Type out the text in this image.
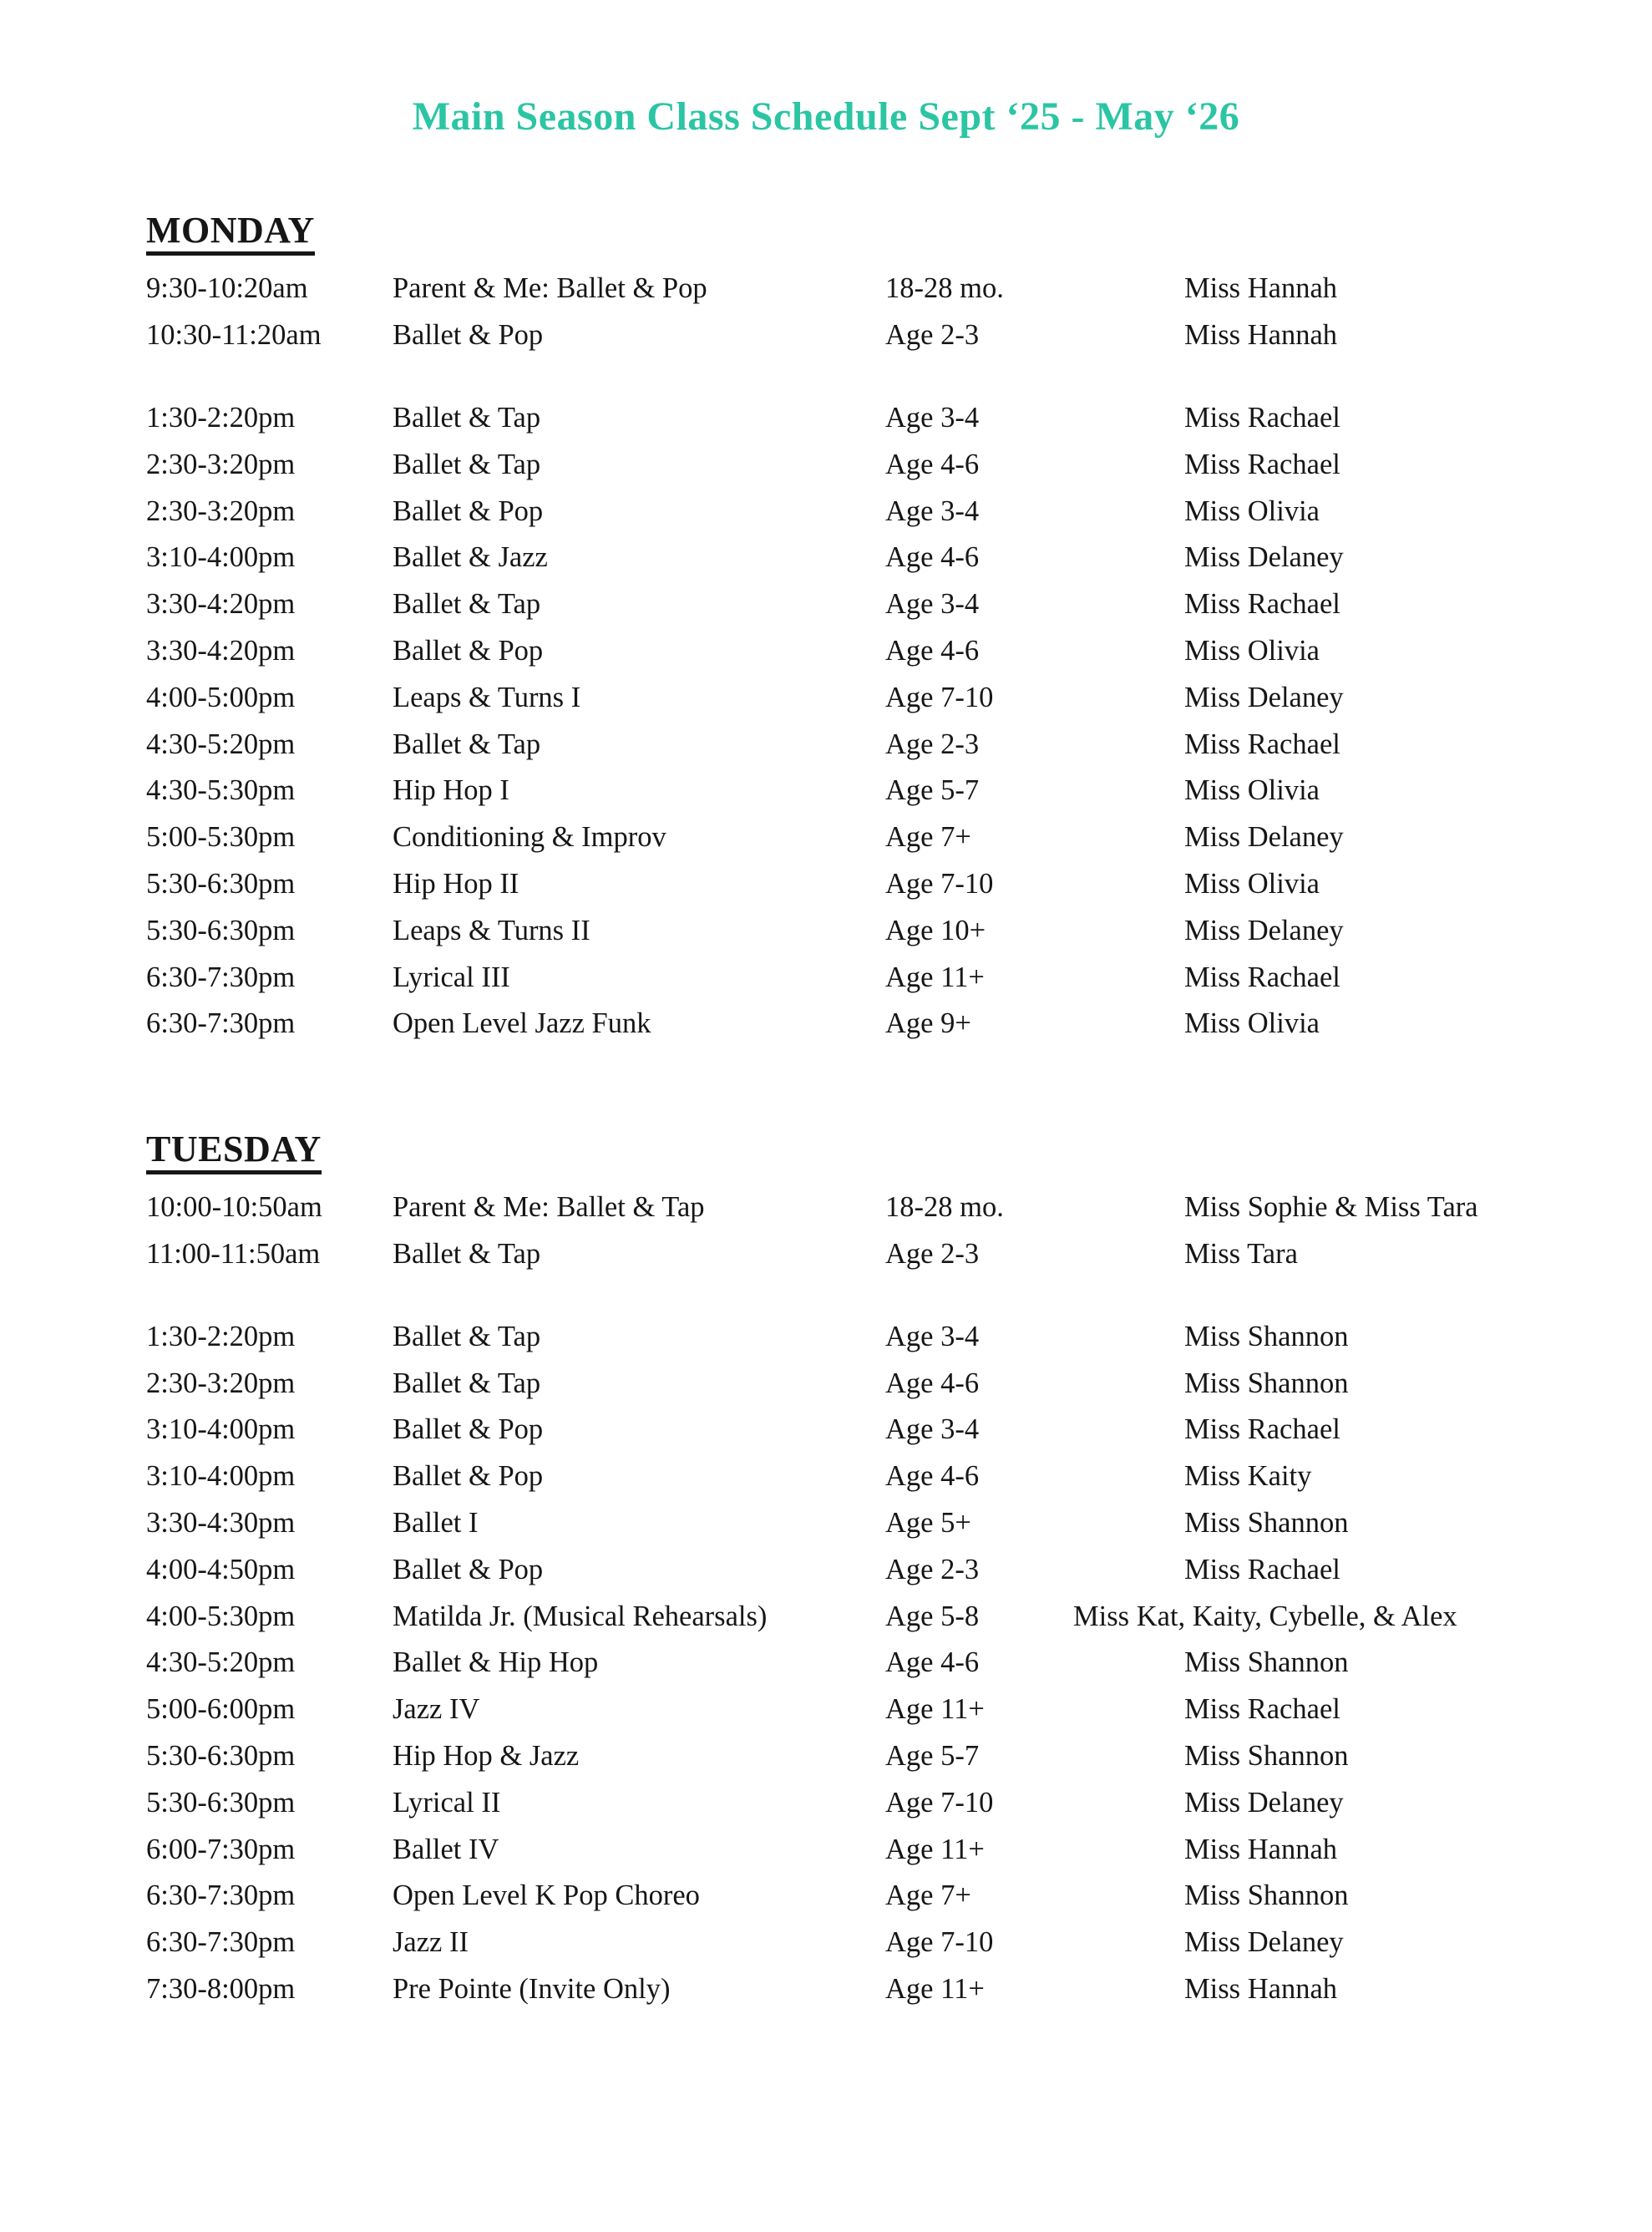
Main Season Class Schedule Sept ‘25 - May ‘26
MONDAY
9:30-10:20am	Parent & Me: Ballet & Pop	18-28 mo.	Miss Hannah
10:30-11:20am	Ballet & Pop	Age 2-3	Miss Hannah
1:30-2:20pm	Ballet & Tap	Age 3-4	Miss Rachael
2:30-3:20pm	Ballet & Tap	Age 4-6	Miss Rachael
2:30-3:20pm	Ballet & Pop	Age 3-4	Miss Olivia
3:10-4:00pm	Ballet & Jazz	Age 4-6	Miss Delaney
3:30-4:20pm	Ballet & Tap	Age 3-4	Miss Rachael
3:30-4:20pm	Ballet & Pop	Age 4-6	Miss Olivia
4:00-5:00pm	Leaps & Turns I	Age 7-10	Miss Delaney
4:30-5:20pm	Ballet & Tap	Age 2-3	Miss Rachael
4:30-5:30pm	Hip Hop I	Age 5-7	Miss Olivia
5:00-5:30pm	Conditioning & Improv	Age 7+	Miss Delaney
5:30-6:30pm	Hip Hop II	Age 7-10	Miss Olivia
5:30-6:30pm	Leaps & Turns II	Age 10+	Miss Delaney
6:30-7:30pm	Lyrical III	Age 11+	Miss Rachael
6:30-7:30pm	Open Level Jazz Funk	Age 9+	Miss Olivia
TUESDAY
10:00-10:50am	Parent & Me: Ballet & Tap	18-28 mo.	Miss Sophie & Miss Tara
11:00-11:50am	Ballet & Tap	Age 2-3	Miss Tara
1:30-2:20pm	Ballet & Tap	Age 3-4	Miss Shannon
2:30-3:20pm	Ballet & Tap	Age 4-6	Miss Shannon
3:10-4:00pm	Ballet & Pop	Age 3-4	Miss Rachael
3:10-4:00pm	Ballet & Pop	Age 4-6	Miss Kaity
3:30-4:30pm	Ballet I	Age 5+	Miss Shannon
4:00-4:50pm	Ballet & Pop	Age 2-3	Miss Rachael
4:00-5:30pm	Matilda Jr. (Musical Rehearsals)	Age 5-8	Miss Kat, Kaity, Cybelle, & Alex
4:30-5:20pm	Ballet & Hip Hop	Age 4-6	Miss Shannon
5:00-6:00pm	Jazz IV	Age 11+	Miss Rachael
5:30-6:30pm	Hip Hop & Jazz	Age 5-7	Miss Shannon
5:30-6:30pm	Lyrical II	Age 7-10	Miss Delaney
6:00-7:30pm	Ballet IV	Age 11+	Miss Hannah
6:30-7:30pm	Open Level K Pop Choreo	Age 7+	Miss Shannon
6:30-7:30pm	Jazz II	Age 7-10	Miss Delaney
7:30-8:00pm	Pre Pointe (Invite Only)	Age 11+	Miss Hannah
